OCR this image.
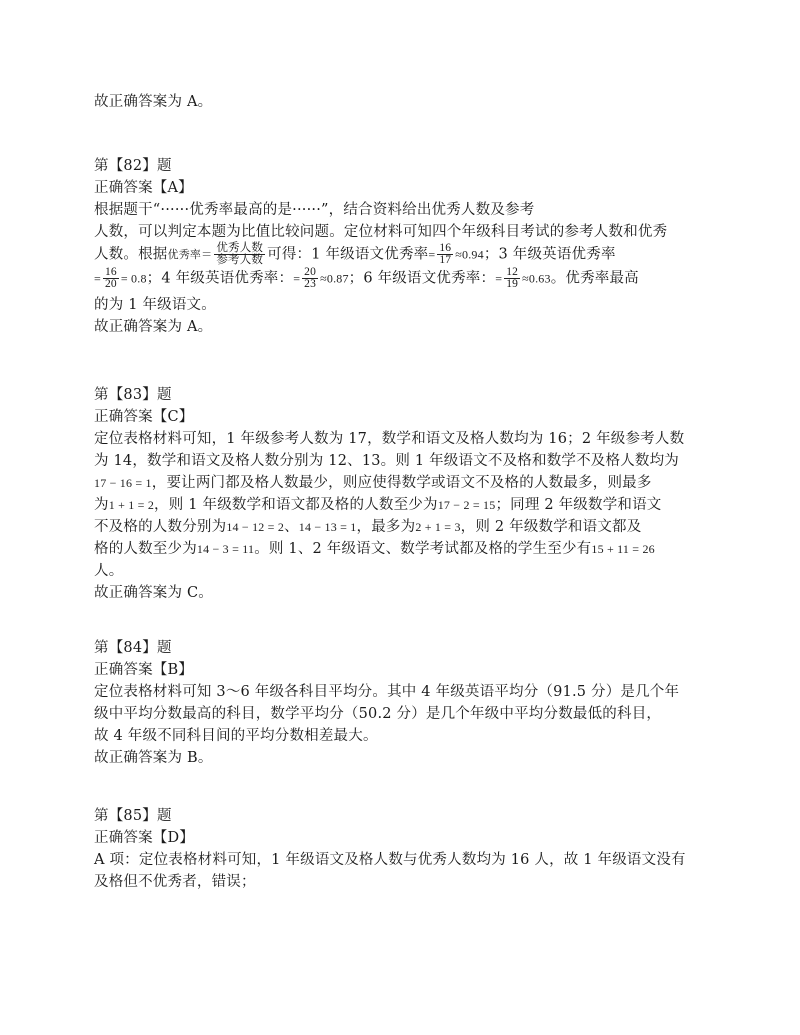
故正确答案为 A。
第【82】题
正确答案【A】
根据题干“······优秀率最高的是······”，结合资料给出优秀人数及参考
人数，可以判定本题为比值比较问题。定位材料可知四个年级科目考试的参考人数和优秀
人数。根据优秀率＝ $\frac{\text{优秀人数}}{\text{参考人数}}$ 可得：1 年级语文优秀率= $\frac{16}{17} \approx 0.94$；3 年级英语优秀率
= $\frac{16}{20} = 0.8$；4 年级英语优秀率：= $\frac{20}{23} \approx 0.87$；6 年级语文优秀率：= $\frac{12}{19} \approx 0.63$。优秀率最高
的为 1 年级语文。
故正确答案为 A。
第【83】题
正确答案【C】
定位表格材料可知，1 年级参考人数为 17，数学和语文及格人数均为 16；2 年级参考人数
为 14，数学和语文及格人数分别为 12、13。则 1 年级语文不及格和数学不及格人数均为
17 − 16 = 1，要让两门都及格人数最少，则应使得数学或语文不及格的人数最多，则最多
为1 + 1 = 2，则 1 年级数学和语文都及格的人数至少为17 − 2 = 15；同理 2 年级数学和语文
不及格的人数分别为14 − 12 = 2、14 − 13 = 1，最多为2 + 1 = 3，则 2 年级数学和语文都及
格的人数至少为14 − 3 = 11。则 1、2 年级语文、数学考试都及格的学生至少有15 + 11 = 26
人。
故正确答案为 C。
第【84】题
正确答案【B】
定位表格材料可知 3～6 年级各科目平均分。其中 4 年级英语平均分（91.5 分）是几个年
级中平均分数最高的科目，数学平均分（50.2 分）是几个年级中平均分数最低的科目，
故 4 年级不同科目间的平均分数相差最大。
故正确答案为 B。
第【85】题
正确答案【D】
A 项：定位表格材料可知，1 年级语文及格人数与优秀人数均为 16 人，故 1 年级语文没有
及格但不优秀者，错误；
